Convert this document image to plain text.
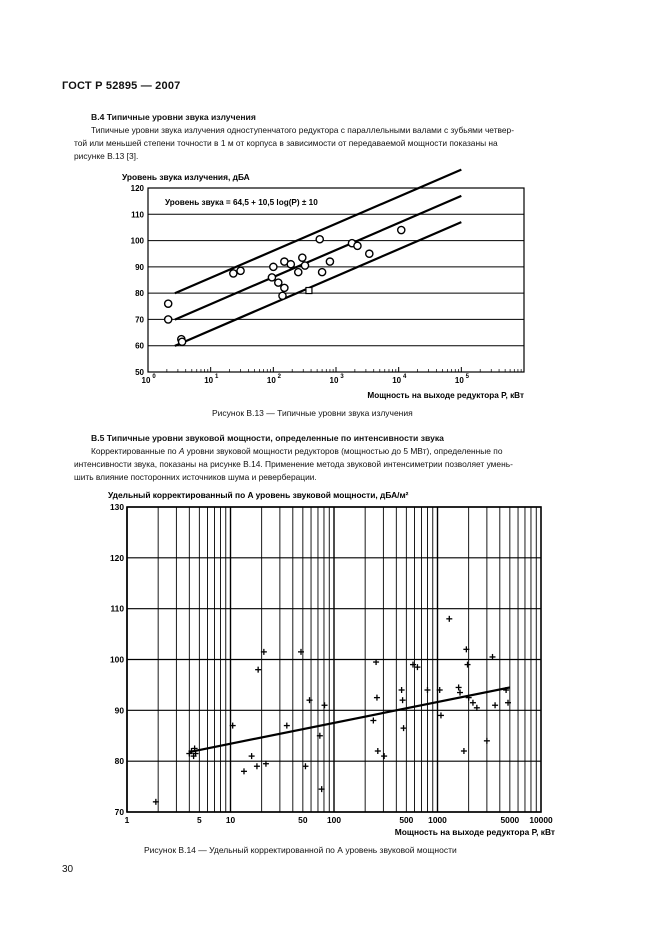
ГОСТ Р 52895 — 2007
В.4 Типичные уровни звука излучения
Типичные уровни звука излучения одноступенчатого редуктора с параллельными валами с зубьями четвер-
той или меньшей степени точности в 1 м от корпуса в зависимости от передаваемой мощности показаны на
рисунке В.13 [3].
50
60
70
80
90
100
110
120
10 0	10 1	10 2	10 3	10 4	10 5
Уровень звука излучения, дБА
Уровень звука = 64,5 + 10,5 log(P) ± 10
Мощность на выходе редуктора P, кВт
Рисунок В.13 — Типичные уровни звука излучения
В.5 Типичные уровни звуковой мощности, определенные по интенсивности звука
Корректированные по А уровни звуковой мощности редукторов (мощностью до 5 МВт), определенные по
интенсивности звука, показаны на рисунке В.14. Применение метода звуковой интенсиметрии позволяет умень-
шить влияние посторонних источников шума и реверберации.
70
80
90
100
110
120
130
1	5	10	50 100	500 1000	5000 10000
Удельный корректированный по A уровень звуковой мощности, дБА/м²
Мощность на выходе редуктора P, кВт
Рисунок В.14 — Удельный корректированной по А уровень звуковой мощности
30
